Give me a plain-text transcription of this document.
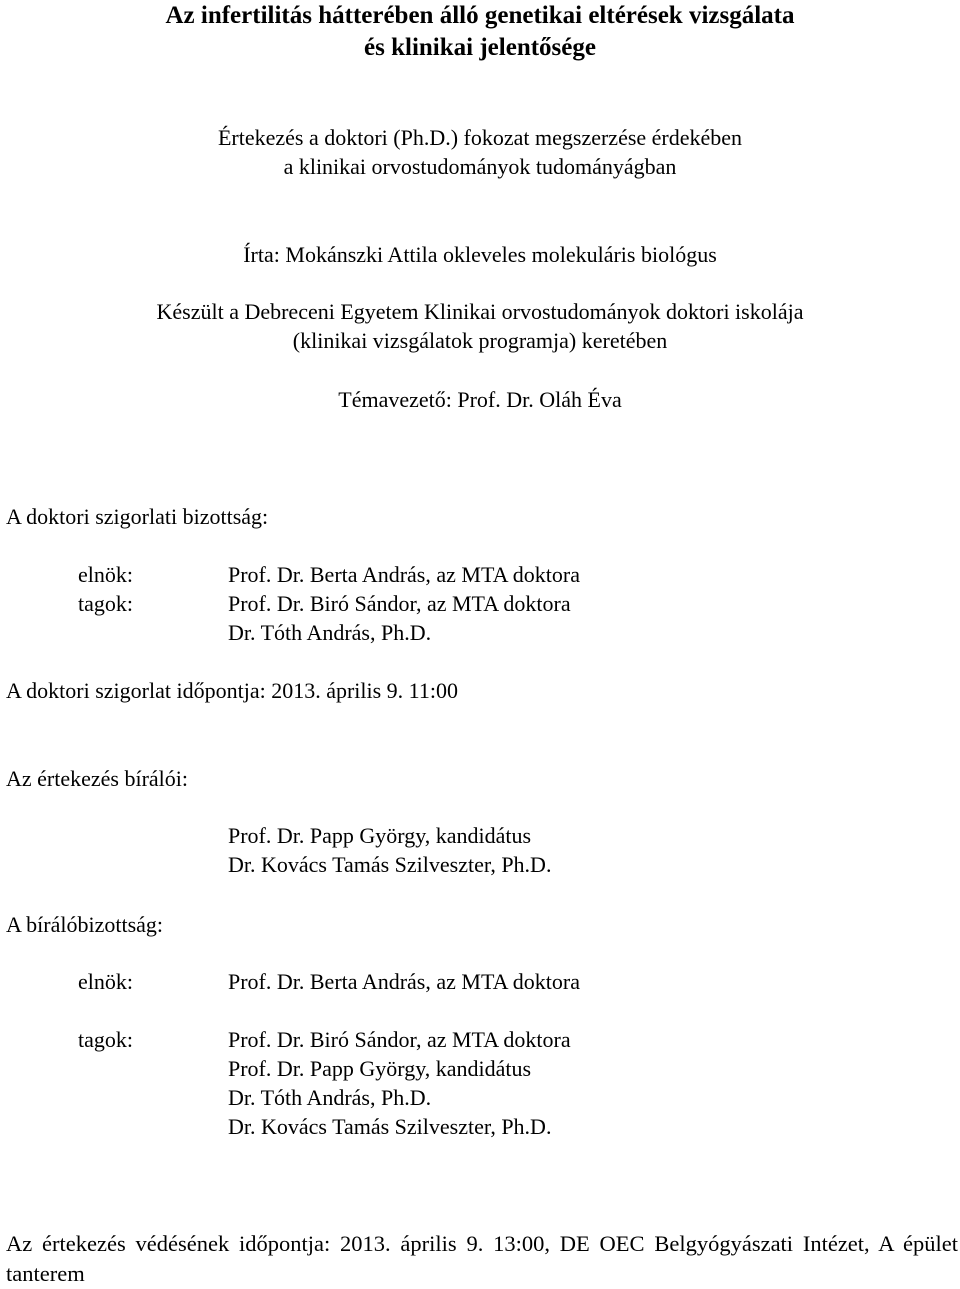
Az infertilitás hátterében álló genetikai eltérések vizsgálata
és klinikai jelentősége
Értekezés a doktori (Ph.D.) fokozat megszerzése érdekében
a klinikai orvostudományok tudományágban
Írta: Mokánszki Attila okleveles molekuláris biológus
Készült a Debreceni Egyetem Klinikai orvostudományok doktori iskolája
(klinikai vizsgálatok programja) keretében
Témavezető: Prof. Dr. Oláh Éva
A doktori szigorlati bizottság:
elnök:	Prof. Dr. Berta András, az MTA doktora
tagok:	Prof. Dr. Biró Sándor, az MTA doktora
Dr. Tóth András, Ph.D.
A doktori szigorlat időpontja: 2013. április 9. 11:00
Az értekezés bírálói:
Prof. Dr. Papp György, kandidátus
Dr. Kovács Tamás Szilveszter, Ph.D.
A bírálóbizottság:
elnök:	Prof. Dr. Berta András, az MTA doktora
tagok:	Prof. Dr. Biró Sándor, az MTA doktora
Prof. Dr. Papp György, kandidátus
Dr. Tóth András, Ph.D.
Dr. Kovács Tamás Szilveszter, Ph.D.
Az értekezés védésének időpontja: 2013. április 9. 13:00, DE OEC Belgyógyászati Intézet, A épület tanterem
